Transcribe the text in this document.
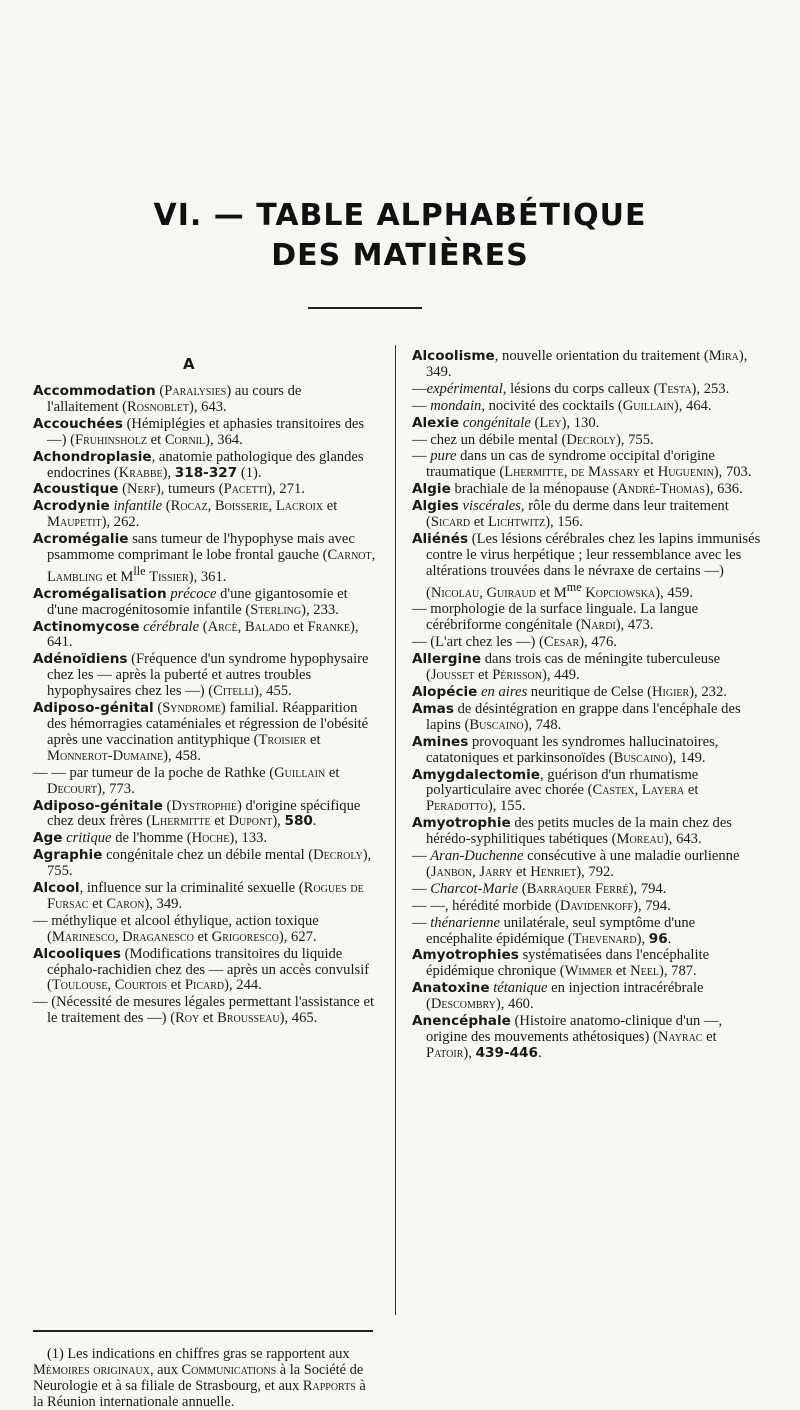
VI. — TABLE ALPHABÉTIQUE
DES MATIÈRES
A

Accommodation (Paralysies) au cours de l'allaitement (Rosnoblet), 643.

Accouchées (Hémiplégies et aphasies transitoires des —) (Fruhinsholz et Cornil), 364.

Achondroplasie, anatomie pathologique des glandes endocrines (Krabbe), 318-327 (1).

Acoustique (Nerf), tumeurs (Pacetti), 271.

Acrodynie infantile (Rocaz, Boisserie, Lacroix et Maupetit), 262.

Acromégalie sans tumeur de l'hypophyse mais avec psammome comprimant le lobe frontal gauche (Carnot, Lambling et $M^{lle}$ Tissier), 361.

Acromégalisation précoce d'une gigantosomie et d'une macrogénitosomie infantile (Sterling), 233.

Actinomycose cérébrale (Arcé, Balado et Franke), 641.

Adénoïdiens (Fréquence d'un syndrome hypophysaire chez les — après la puberté et autres troubles hypophysaires chez les —) (Citelli), 455.

Adiposo-génital (Syndrome) familial. Réapparition des hémorragies cataméniales et régression de l'obésité après une vaccination antityphique (Troisier et Monnerot-Dumaine), 458.

— — par tumeur de la poche de Rathke (Guillain et Decourt), 773.

Adiposo-génitale (Dystrophie) d'origine spécifique chez deux frères (Lhermitte et Dupont), 580.

Age critique de l'homme (Hoche), 133.

Agraphie congénitale chez un débile mental (Decroly), 755.

Alcool, influence sur la criminalité sexuelle (Rogues de Fursac et Caron), 349.

— méthylique et alcool éthylique, action toxique (Marinesco, Draganesco et Grigoresco), 627.

Alcooliques (Modifications transitoires du liquide céphalo-rachidien chez des — après un accès convulsif (Toulouse, Courtois et Picard), 244.

— (Nécessité de mesures légales permettant l'assistance et le traitement des —) (Roy et Brousseau), 465.

Alcoolisme, nouvelle orientation du traitement (Mira), 349.

—expérimental, lésions du corps calleux (Testa), 253.

— mondain, nocivité des cocktails (Guillain), 464.

Alexie congénitale (Ley), 130.

— chez un débile mental (Decroly), 755.

— pure dans un cas de syndrome occipital d'origine traumatique (Lhermitte, de Massary et Huguenin), 703.

Algie brachiale de la ménopause (André-Thomas), 636.

Algies viscérales, rôle du derme dans leur traitement (Sicard et Lichtwitz), 156.

Aliénés (Les lésions cérébrales chez les lapins immunisés contre le virus herpétique ; leur ressemblance avec les altérations trouvées dans le névraxe de certains —) (Nicolau, Guiraud et $M^{me}$ Kopciowska), 459.

— morphologie de la surface linguale. La langue cérébriforme congénitale (Nardi), 473.

— (L'art chez les —) (Cesar), 476.

Allergine dans trois cas de méningite tuberculeuse (Jousset et Périsson), 449.

Alopécie en aires neuritique de Celse (Higier), 232.

Amas de désintégration en grappe dans l'encéphale des lapins (Buscaino), 748.

Amines provoquant les syndromes hallucinatoires, catatoniques et parkinsonoïdes (Buscaino), 149.

Amygdalectomie, guérison d'un rhumatisme polyarticulaire avec chorée (Castex, Layera et Peradotto), 155.

Amyotrophie des petits mucles de la main chez des hérédo-syphilitiques tabétiques (Moreau), 643.

— Aran-Duchenne consécutive à une maladie ourlienne (Janbon, Jarry et Henriet), 792.

— Charcot-Marie (Barraquer Ferré), 794.

— —, hérédité morbide (Davidenkoff), 794.

— thénarienne unilatérale, seul symptôme d'une encéphalite épidémique (Thevenard), 96.

Amyotrophies systématisées dans l'encéphalite épidémique chronique (Wimmer et Neel), 787.

Anatoxine tétanique en injection intracérébrale (Descombry), 460.

Anencéphale (Histoire anatomo-clinique d'un —, origine des mouvements athétosiques) (Nayrac et Patoir), 439-446.

(1) Les indications en chiffres gras se rapportent aux Mémoires originaux, aux Communications à la Société de Neurologie et à sa filiale de Strasbourg, et aux Rapports à la Réunion internationale annuelle.
